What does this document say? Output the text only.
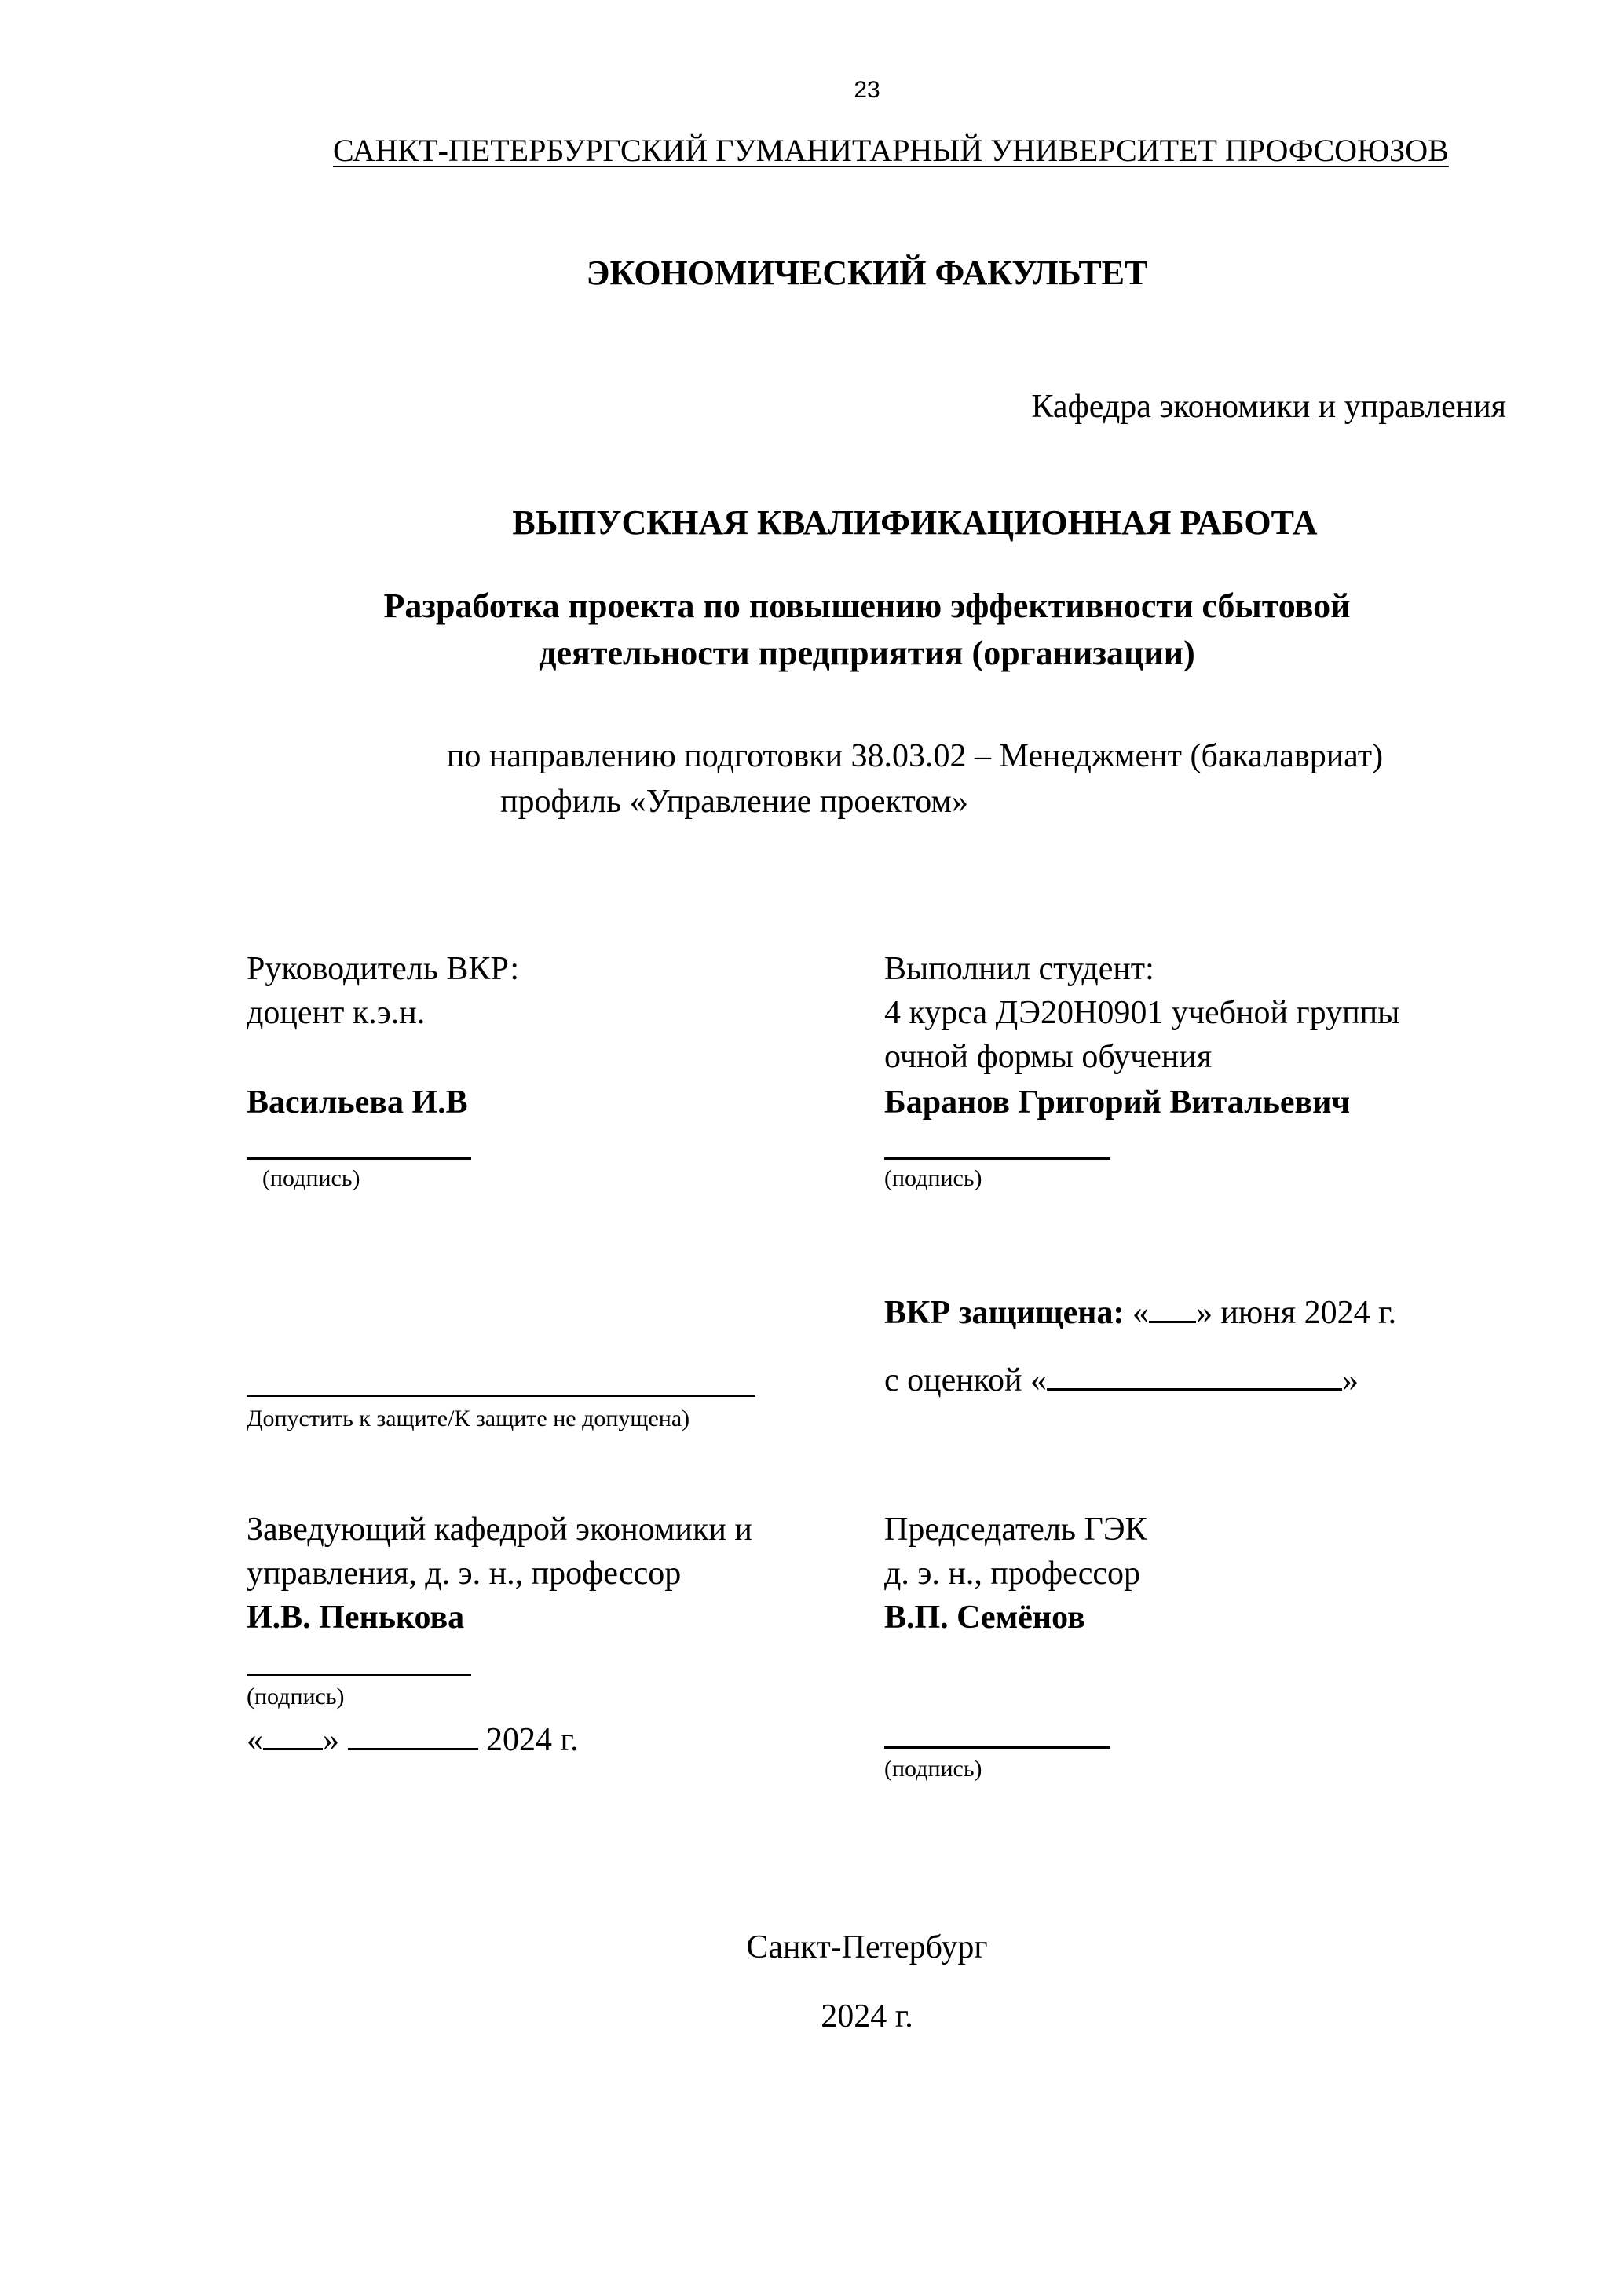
23
САНКТ-ПЕТЕРБУРГСКИЙ ГУМАНИТАРНЫЙ УНИВЕРСИТЕТ ПРОФСОЮЗОВ
ЭКОНОМИЧЕСКИЙ ФАКУЛЬТЕТ
Кафедра экономики и управления
ВЫПУСКНАЯ КВАЛИФИКАЦИОННАЯ РАБОТА
Разработка проекта по повышению эффективности сбытовой
деятельности предприятия (организации)
по направлению подготовки 38.03.02 – Менеджмент (бакалавриат)
профиль «Управление проектом»
Руководитель ВКР:
доцент к.э.н.
Васильева И.В
(подпись)
Выполнил студент:
4 курса ДЭ20Н0901 учебной группы
очной формы обучения
Баранов Григорий Витальевич
(подпись)
ВКР защищена: « » июня 2024 г.
Допустить к защите/К защите не допущена)
с оценкой «	»
Заведующий кафедрой экономики и
управления, д. э. н., профессор
И.В. Пенькова
(подпись)
« »	2024 г.
Председатель ГЭК
д. э. н., профессор
В.П. Семёнов
(подпись)
Санкт-Петербург
2024 г.
